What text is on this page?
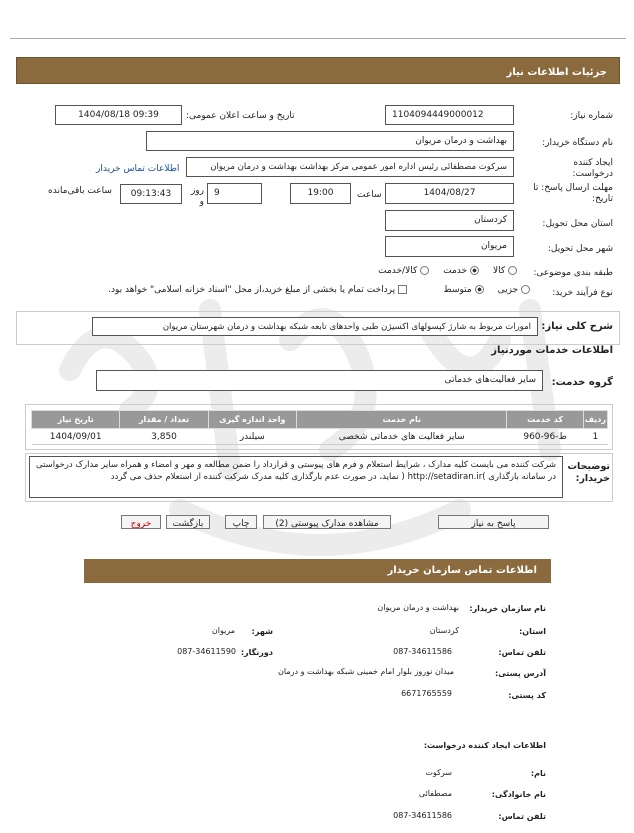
جزئیات اطلاعات نیاز
شماره نیاز:
1104094449000012
تاریخ و ساعت اعلان عمومی:
1404/08/18 09:39
نام دستگاه خریدار:
بهداشت و درمان مریوان
ایجاد کننده درخواست:
سرکوت مصطفائی رئیس اداره امور عمومی مرکز بهداشت بهداشت و درمان مریوان
اطلاعات تماس خریدار
مهلت ارسال پاسخ: تا تاریخ:
1404/08/27
ساعت
19:00
9
روز و
09:13:43
ساعت باقی‌مانده
استان محل تحویل:
کردستان
شهر محل تحویل:
مریوان
طبقه بندی موضوعی:
کالا
خدمت
کالا/خدمت
نوع فرآیند خرید:
جزیی
متوسط
پرداخت تمام یا بخشی از مبلغ خرید،از محل "اسناد خزانه اسلامی" خواهد بود.
شرح کلی نیاز:
امورات مربوط به شارژ کپسولهای اکسیژن طبی واحدهای تابعه شبکه بهداشت و درمان شهرستان مریوان
اطلاعات خدمات موردنیاز
گروه خدمت:
سایر فعالیت‌های خدماتی
ردیف	کد خدمت	نام خدمت	واحد اندازه گیری	تعداد / مقدار	تاریخ نیاز
1	ط-96-960	سایر فعالیت های خدماتی شخصی	سیلندر	3,850	1404/09/01
توضیحات خریدار:
شرکت کننده می بایست کلیه مدارک ، شرایط استعلام و فرم های پیوستی و قرارداد را ضمن مطالعه و مهر و امضاء و همراه سایر مدارک درخواستی در سامانه بارگذاری )http://setadiran.ir ( نماید، در صورت عدم بارگذاری کلیه مدرک شرکت کننده از استعلام حذف می گردد
پاسخ به نیاز
مشاهده مدارک پیوستی (2)
چاپ
بازگشت
خروج
اطلاعات تماس سازمان خریدار
نام سازمان خریدار:
بهداشت و درمان مریوان
استان:
کردستان
شهر:
مریوان
تلفن تماس:
087-34611586
دورنگار:
087-34611590
آدرس پستی:
میدان نوروز بلوار امام خمینی شبکه بهداشت و درمان
کد پستی:
6671765559
اطلاعات ایجاد کننده درخواست:
نام:
سرکوت
نام خانوادگی:
مصطفائی
تلفن تماس:
087-34611586
